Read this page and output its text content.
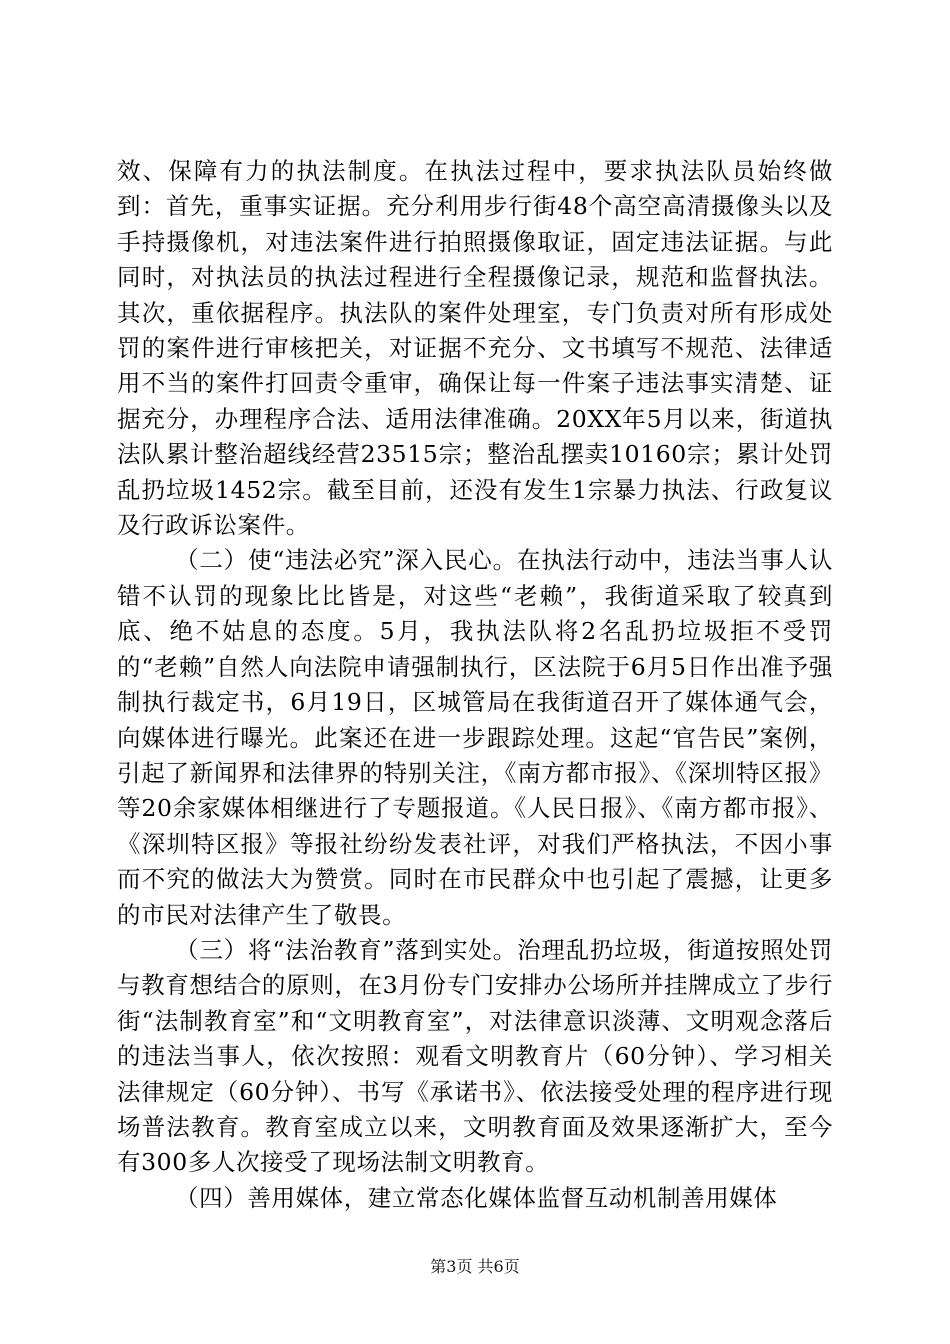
效、保障有力的执法制度。在执法过程中，要求执法队员始终做到：首先，重事实证据。充分利用步行街48个高空高清摄像头以及手持摄像机，对违法案件进行拍照摄像取证，固定违法证据。与此同时，对执法员的执法过程进行全程摄像记录，规范和监督执法。其次，重依据程序。执法队的案件处理室，专门负责对所有形成处罚的案件进行审核把关，对证据不充分、文书填写不规范、法律适用不当的案件打回责令重审，确保让每一件案子违法事实清楚、证据充分，办理程序合法、适用法律准确。20XX年5月以来，街道执法队累计整治超线经营23515宗；整治乱摆卖10160宗；累计处罚乱扔垃圾1452宗。截至目前，还没有发生1宗暴力执法、行政复议及行政诉讼案件。

（二）使“违法必究”深入民心。在执法行动中，违法当事人认错不认罚的现象比比皆是，对这些“老赖”，我街道采取了较真到底、绝不姑息的态度。5月，我执法队将2名乱扔垃圾拒不受罚的“老赖”自然人向法院申请强制执行，区法院于6月5日作出准予强制执行裁定书，6月19日，区城管局在我街道召开了媒体通气会，向媒体进行曝光。此案还在进一步跟踪处理。这起“官告民”案例，引起了新闻界和法律界的特别关注，《南方都市报》、《深圳特区报》等20余家媒体相继进行了专题报道。《人民日报》、《南方都市报》、《深圳特区报》等报社纷纷发表社评，对我们严格执法，不因小事而不究的做法大为赞赏。同时在市民群众中也引起了震撼，让更多的市民对法律产生了敬畏。

（三）将“法治教育”落到实处。治理乱扔垃圾，街道按照处罚与教育想结合的原则，在3月份专门安排办公场所并挂牌成立了步行街“法制教育室”和“文明教育室”，对法律意识淡薄、文明观念落后的违法当事人，依次按照：观看文明教育片（60分钟）、学习相关法律规定（60分钟）、书写《承诺书》、依法接受处理的程序进行现场普法教育。教育室成立以来，文明教育面及效果逐渐扩大，至今有300多人次接受了现场法制文明教育。

（四）善用媒体，建立常态化媒体监督互动机制善用媒体

第3页 共6页
